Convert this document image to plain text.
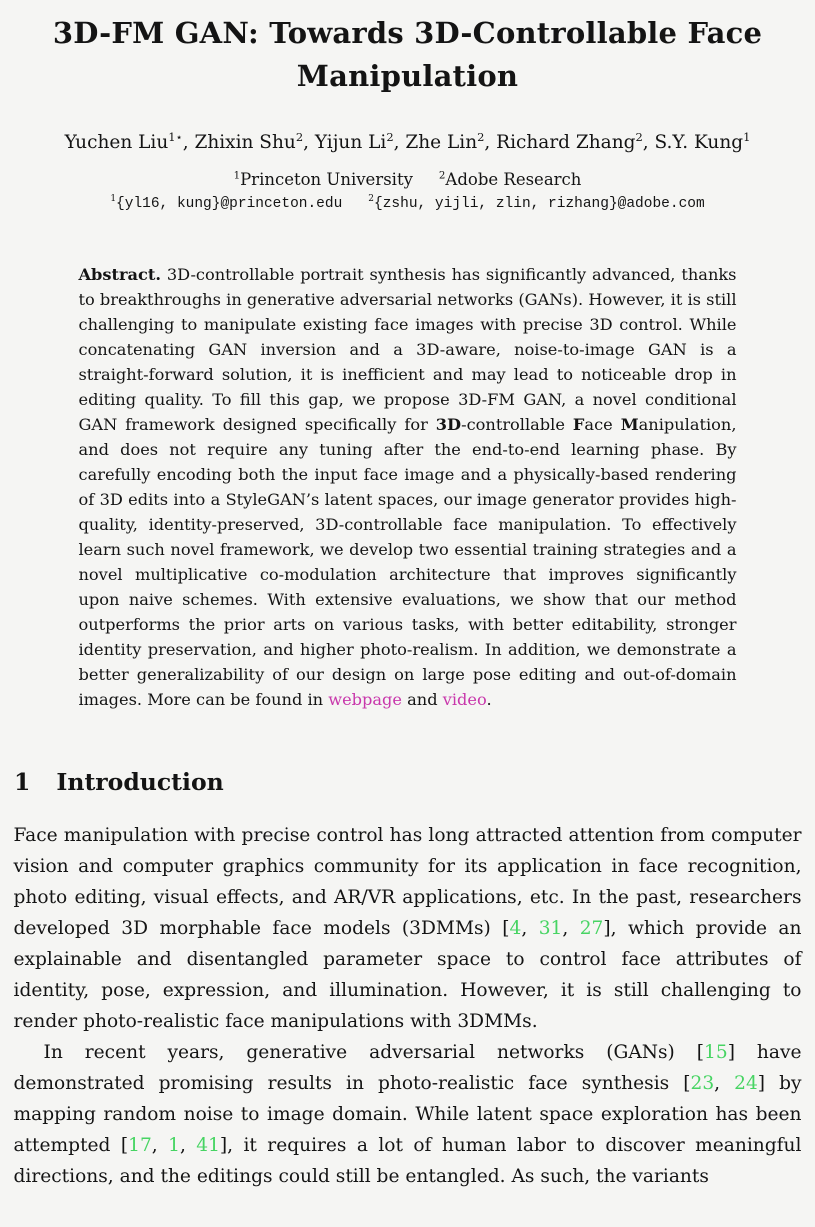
3D-FM GAN: Towards 3D-Controllable Face
Manipulation
Yuchen Liu$^{1⋆}$, Zhixin Shu$^2$, Yijun Li$^2$, Zhe Lin$^2$, Richard Zhang$^2$, S.Y. Kung$^1$
$^1$Princeton University	$^2$Adobe Research
$^1${yl16, kung}@princeton.edu	$^2${zshu, yijli, zlin, rizhang}@adobe.com
Abstract. 3D-controllable portrait synthesis has significantly advanced, thanks to breakthroughs in generative adversarial networks (GANs). However, it is still challenging to manipulate existing face images with precise 3D control. While concatenating GAN inversion and a 3D-aware, noise-to-image GAN is a straight-forward solution, it is inefficient and may lead to noticeable drop in editing quality. To fill this gap, we propose 3D-FM GAN, a novel conditional GAN framework designed specifically for 3D-controllable Face Manipulation, and does not require any tuning after the end-to-end learning phase. By carefully encoding both the input face image and a physically-based rendering of 3D edits into a StyleGAN’s latent spaces, our image generator provides high-quality, identity-preserved, 3D-controllable face manipulation. To effectively learn such novel framework, we develop two essential training strategies and a novel multiplicative co-modulation architecture that improves significantly upon naive schemes. With extensive evaluations, we show that our method outperforms the prior arts on various tasks, with better editability, stronger identity preservation, and higher photo-realism. In addition, we demonstrate a better generalizability of our design on large pose editing and out-of-domain images. More can be found in webpage and video.
1 Introduction
Face manipulation with precise control has long attracted attention from computer vision and computer graphics community for its application in face recognition, photo editing, visual effects, and AR/VR applications, etc. In the past, researchers developed 3D morphable face models (3DMMs) [4, 31, 27], which provide an explainable and disentangled parameter space to control face attributes of identity, pose, expression, and illumination. However, it is still challenging to render photo-realistic face manipulations with 3DMMs.
In recent years, generative adversarial networks (GANs) [15] have demonstrated promising results in photo-realistic face synthesis [23, 24] by mapping random noise to image domain. While latent space exploration has been attempted [17, 1, 41], it requires a lot of human labor to discover meaningful directions, and the editings could still be entangled. As such, the variants
